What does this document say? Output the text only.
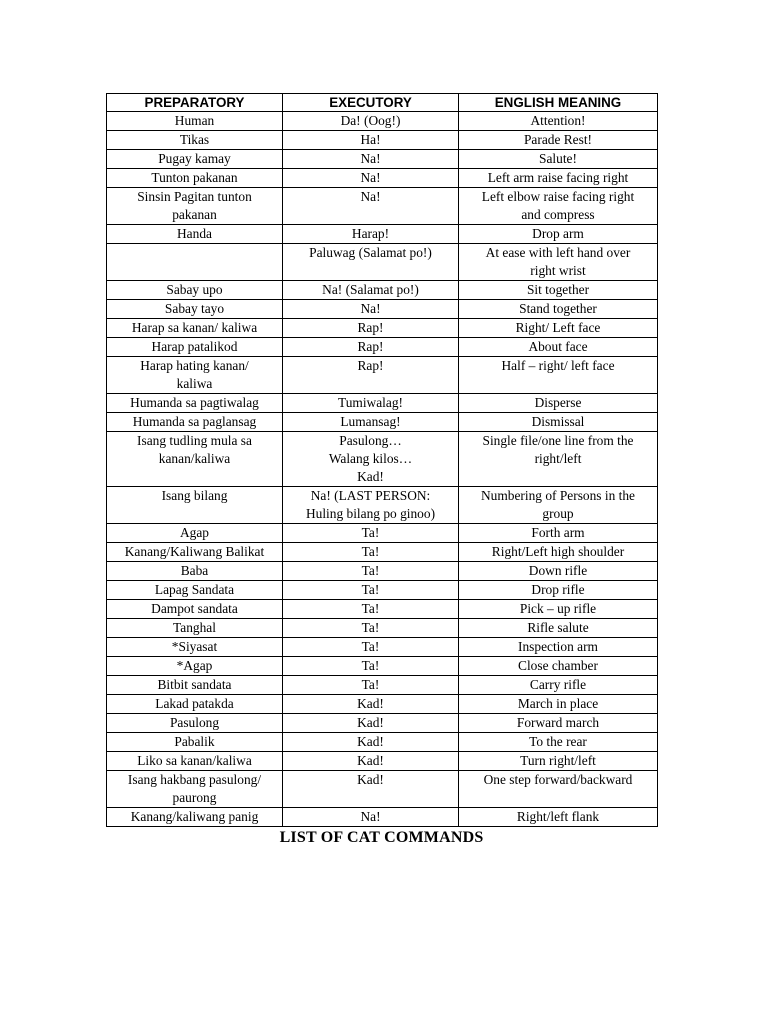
PREPARATORY	EXECUTORY	ENGLISH MEANING

Human	Da! (Oog!)	Attention!

Tikas	Ha!	Parade Rest!

Pugay kamay	Na!	Salute!

Tunton pakanan	Na!	Left arm raise facing right

Sinsin Pagitan tunton
pakanan	Na!	Left elbow raise facing right
and compress

Handa	Harap!	Drop arm

	Paluwag (Salamat po!)	At ease with left hand over
right wrist

Sabay upo	Na! (Salamat po!)	Sit together

Sabay tayo	Na!	Stand together

Harap sa kanan/ kaliwa	Rap!	Right/ Left face

Harap patalikod	Rap!	About face

Harap hating kanan/
kaliwa	Rap!	Half – right/ left face

Humanda sa pagtiwalag	Tumiwalag!	Disperse

Humanda sa paglansag	Lumansag!	Dismissal

Isang tudling mula sa
kanan/kaliwa	Pasulong…
Walang kilos…
Kad!	Single file/one line from the
right/left

Isang bilang	Na! (LAST PERSON:
Huling bilang po ginoo)	Numbering of Persons in the
group

Agap	Ta!	Forth arm

Kanang/Kaliwang Balikat	Ta!	Right/Left high shoulder

Baba	Ta!	Down rifle

Lapag Sandata	Ta!	Drop rifle

Dampot sandata	Ta!	Pick – up rifle

Tanghal	Ta!	Rifle salute

*Siyasat	Ta!	Inspection arm

*Agap	Ta!	Close chamber

Bitbit sandata	Ta!	Carry rifle

Lakad patakda	Kad!	March in place

Pasulong	Kad!	Forward march

Pabalik	Kad!	To the rear

Liko sa kanan/kaliwa	Kad!	Turn right/left

Isang hakbang pasulong/
paurong	Kad!	One step forward/backward

Kanang/kaliwang panig	Na!	Right/left flank
LIST OF CAT COMMANDS
